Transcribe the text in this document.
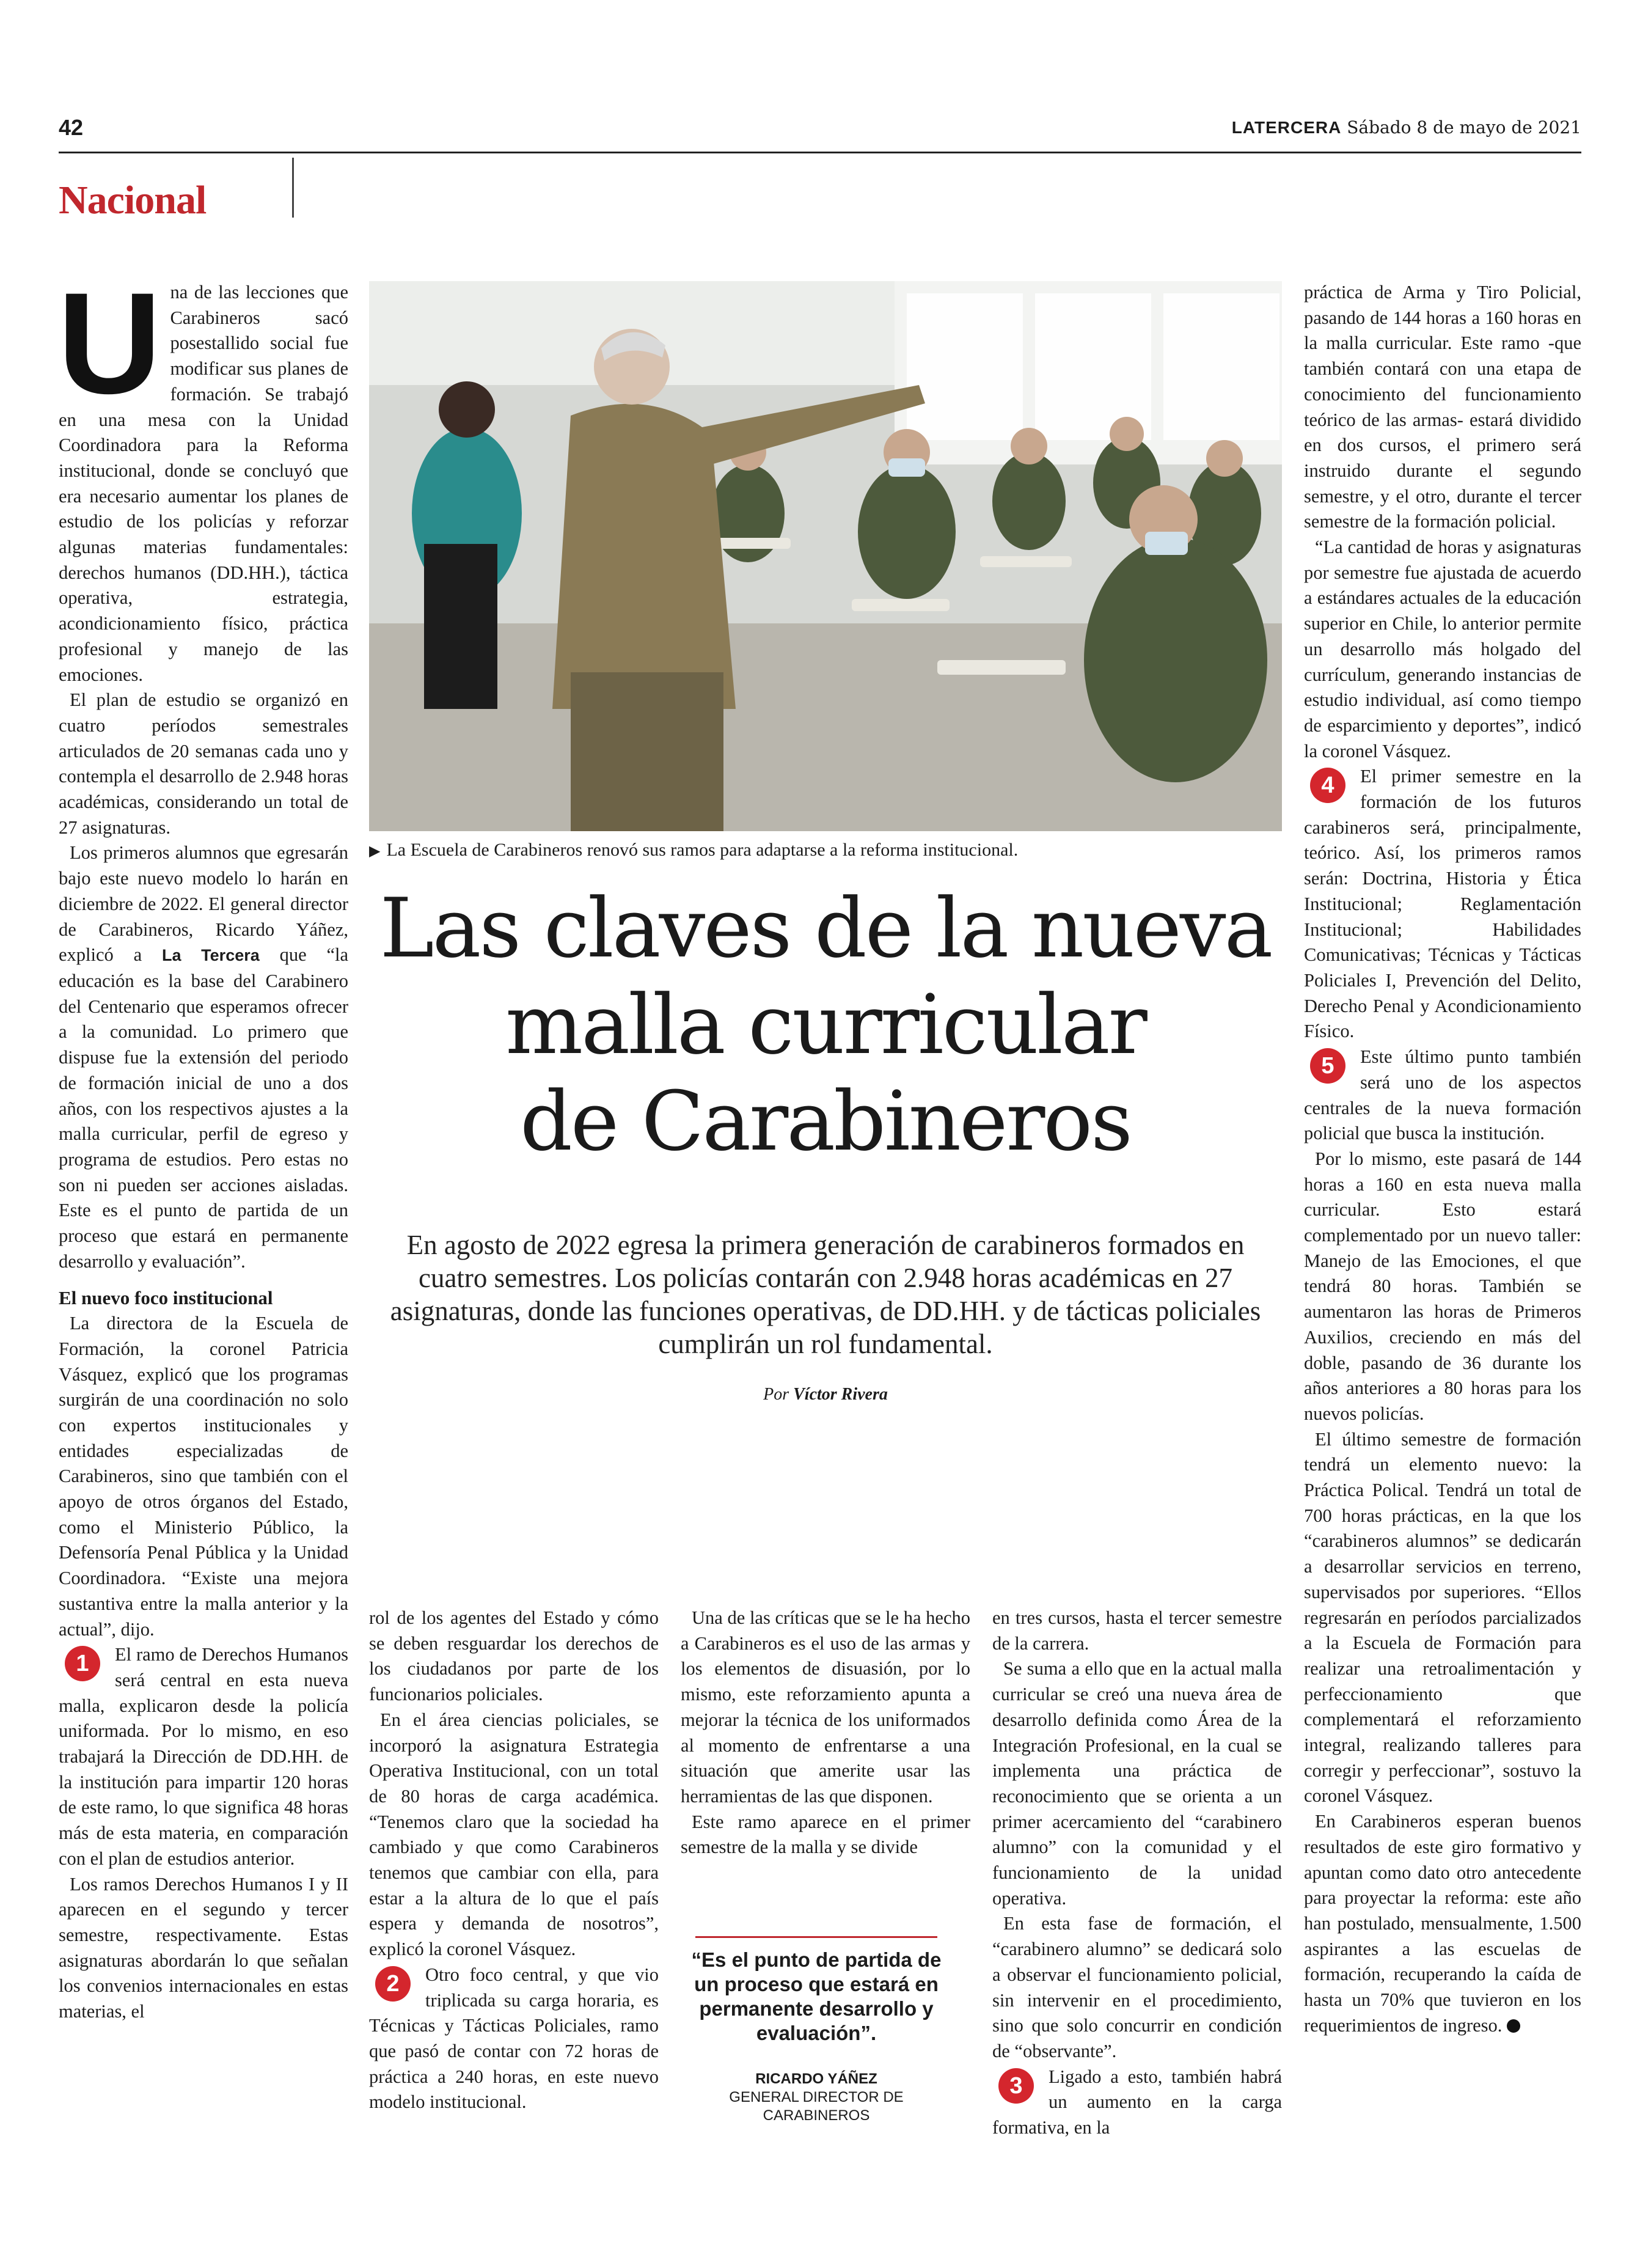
42	LATERCERA Sábado 8 de mayo de 2021
Nacional

Una de las lecciones que Carabineros sacó posestallido social fue modificar sus planes de formación. Se trabajó en una mesa con la Unidad Coordinadora para la Reforma institucional, donde se concluyó que era necesario aumentar los planes de estudio de los policías y reforzar algunas materias fundamentales: derechos humanos (DD.HH.), táctica operativa, estrategia, acondicionamiento físico, práctica profesional y manejo de las emociones.

El plan de estudio se organizó en cuatro períodos semestrales articulados de 20 semanas cada uno y contempla el desarrollo de 2.948 horas académicas, considerando un total de 27 asignaturas.

Los primeros alumnos que egresarán bajo este nuevo modelo lo harán en diciembre de 2022. El general director de Carabineros, Ricardo Yáñez, explicó a La Tercera que “la educación es la base del Carabinero del Centenario que esperamos ofrecer a la comunidad. Lo primero que dispuse fue la extensión del periodo de formación inicial de uno a dos años, con los respectivos ajustes a la malla curricular, perfil de egreso y programa de estudios. Pero estas no son ni pueden ser acciones aisladas. Este es el punto de partida de un proceso que estará en permanente desarrollo y evaluación”.

El nuevo foco institucional

La directora de la Escuela de Formación, la coronel Patricia Vásquez, explicó que los programas surgirán de una coordinación no solo con expertos institucionales y entidades especializadas de Carabineros, sino que también con el apoyo de otros órganos del Estado, como el Ministerio Público, la Defensoría Penal Pública y la Unidad Coordinadora. “Existe una mejora sustantiva entre la malla anterior y la actual”, dijo.

1	El ramo de Derechos Humanos será central en esta nueva malla, explicaron desde la policía uniformada. Por lo mismo, en eso trabajará la Dirección de DD.HH. de la institución para impartir 120 horas de este ramo, lo que significa 48 horas más de esta materia, en comparación con el plan de estudios anterior.

Los ramos Derechos Humanos I y II aparecen en el segundo y tercer semestre, respectivamente. Estas asignaturas abordarán lo que señalan los convenios internacionales en estas materias, el

▶ La Escuela de Carabineros renovó sus ramos para adaptarse a la reforma institucional.
Las claves de la nueva
malla curricular
de Carabineros
En agosto de 2022 egresa la primera generación de carabineros formados en cuatro semestres. Los policías contarán con 2.948 horas académicas en 27 asignaturas, donde las funciones operativas, de DD.HH. y de tácticas policiales cumplirán un rol fundamental.
Por Víctor Rivera

rol de los agentes del Estado y cómo se deben resguardar los derechos de los ciudadanos por parte de los funcionarios policiales.

En el área ciencias policiales, se incorporó la asignatura Estrategia Operativa Institucional, con un total de 80 horas de carga académica. “Tenemos claro que la sociedad ha cambiado y que como Carabineros tenemos que cambiar con ella, para estar a la altura de lo que el país espera y demanda de nosotros”, explicó la coronel Vásquez.

2	Otro foco central, y que vio triplicada su carga horaria, es Técnicas y Tácticas Policiales, ramo que pasó de contar con 72 horas de práctica a 240 horas, en este nuevo modelo institucional.

Una de las críticas que se le ha hecho a Carabineros es el uso de las armas y los elementos de disuasión, por lo mismo, este reforzamiento apunta a mejorar la técnica de los uniformados al momento de enfrentarse a una situación que amerite usar las herramientas de las que disponen.

Este ramo aparece en el primer semestre de la malla y se divide

“Es el punto de partida de un proceso que estará en permanente desarrollo y evaluación”.
RICARDO YÁÑEZ
GENERAL DIRECTOR DE CARABINEROS

en tres cursos, hasta el tercer semestre de la carrera.

Se suma a ello que en la actual malla curricular se creó una nueva área de desarrollo definida como Área de la Integración Profesional, en la cual se implementa una práctica de reconocimiento que se orienta a un primer acercamiento del “carabinero alumno” con la comunidad y el funcionamiento de la unidad operativa.

En esta fase de formación, el “carabinero alumno” se dedicará solo a observar el funcionamiento policial, sin intervenir en el procedimiento, sino que solo concurrir en condición de “observante”.

3	Ligado a esto, también habrá un aumento en la carga formativa, en la

práctica de Arma y Tiro Policial, pasando de 144 horas a 160 horas en la malla curricular. Este ramo -que también contará con una etapa de conocimiento del funcionamiento teórico de las armas- estará dividido en dos cursos, el primero será instruido durante el segundo semestre, y el otro, durante el tercer semestre de la formación policial.

“La cantidad de horas y asignaturas por semestre fue ajustada de acuerdo a estándares actuales de la educación superior en Chile, lo anterior permite un desarrollo más holgado del currículum, generando instancias de estudio individual, así como tiempo de esparcimiento y deportes”, indicó la coronel Vásquez.

4	El primer semestre en la formación de los futuros carabineros será, principalmente, teórico. Así, los primeros ramos serán: Doctrina, Historia y Ética Institucional; Reglamentación Institucional; Habilidades Comunicativas; Técnicas y Tácticas Policiales I, Prevención del Delito, Derecho Penal y Acondicionamiento Físico.

5	Este último punto también será uno de los aspectos centrales de la nueva formación policial que busca la institución.

Por lo mismo, este pasará de 144 horas a 160 en esta nueva malla curricular. Esto estará complementado por un nuevo taller: Manejo de las Emociones, el que tendrá 80 horas. También se aumentaron las horas de Primeros Auxilios, creciendo en más del doble, pasando de 36 durante los años anteriores a 80 horas para los nuevos policías.

El último semestre de formación tendrá un elemento nuevo: la Práctica Polical. Tendrá un total de 700 horas prácticas, en la que los “carabineros alumnos” se dedicarán a desarrollar servicios en terreno, supervisados por superiores. “Ellos regresarán en períodos parcializados a la Escuela de Formación para realizar una retroalimentación y perfeccionamiento que complementará el reforzamiento integral, realizando talleres para corregir y perfeccionar”, sostuvo la coronel Vásquez.

En Carabineros esperan buenos resultados de este giro formativo y apuntan como dato otro antecedente para proyectar la reforma: este año han postulado, mensualmente, 1.500 aspirantes a las escuelas de formación, recuperando la caída de hasta un 70% que tuvieron en los requerimientos de ingreso.
